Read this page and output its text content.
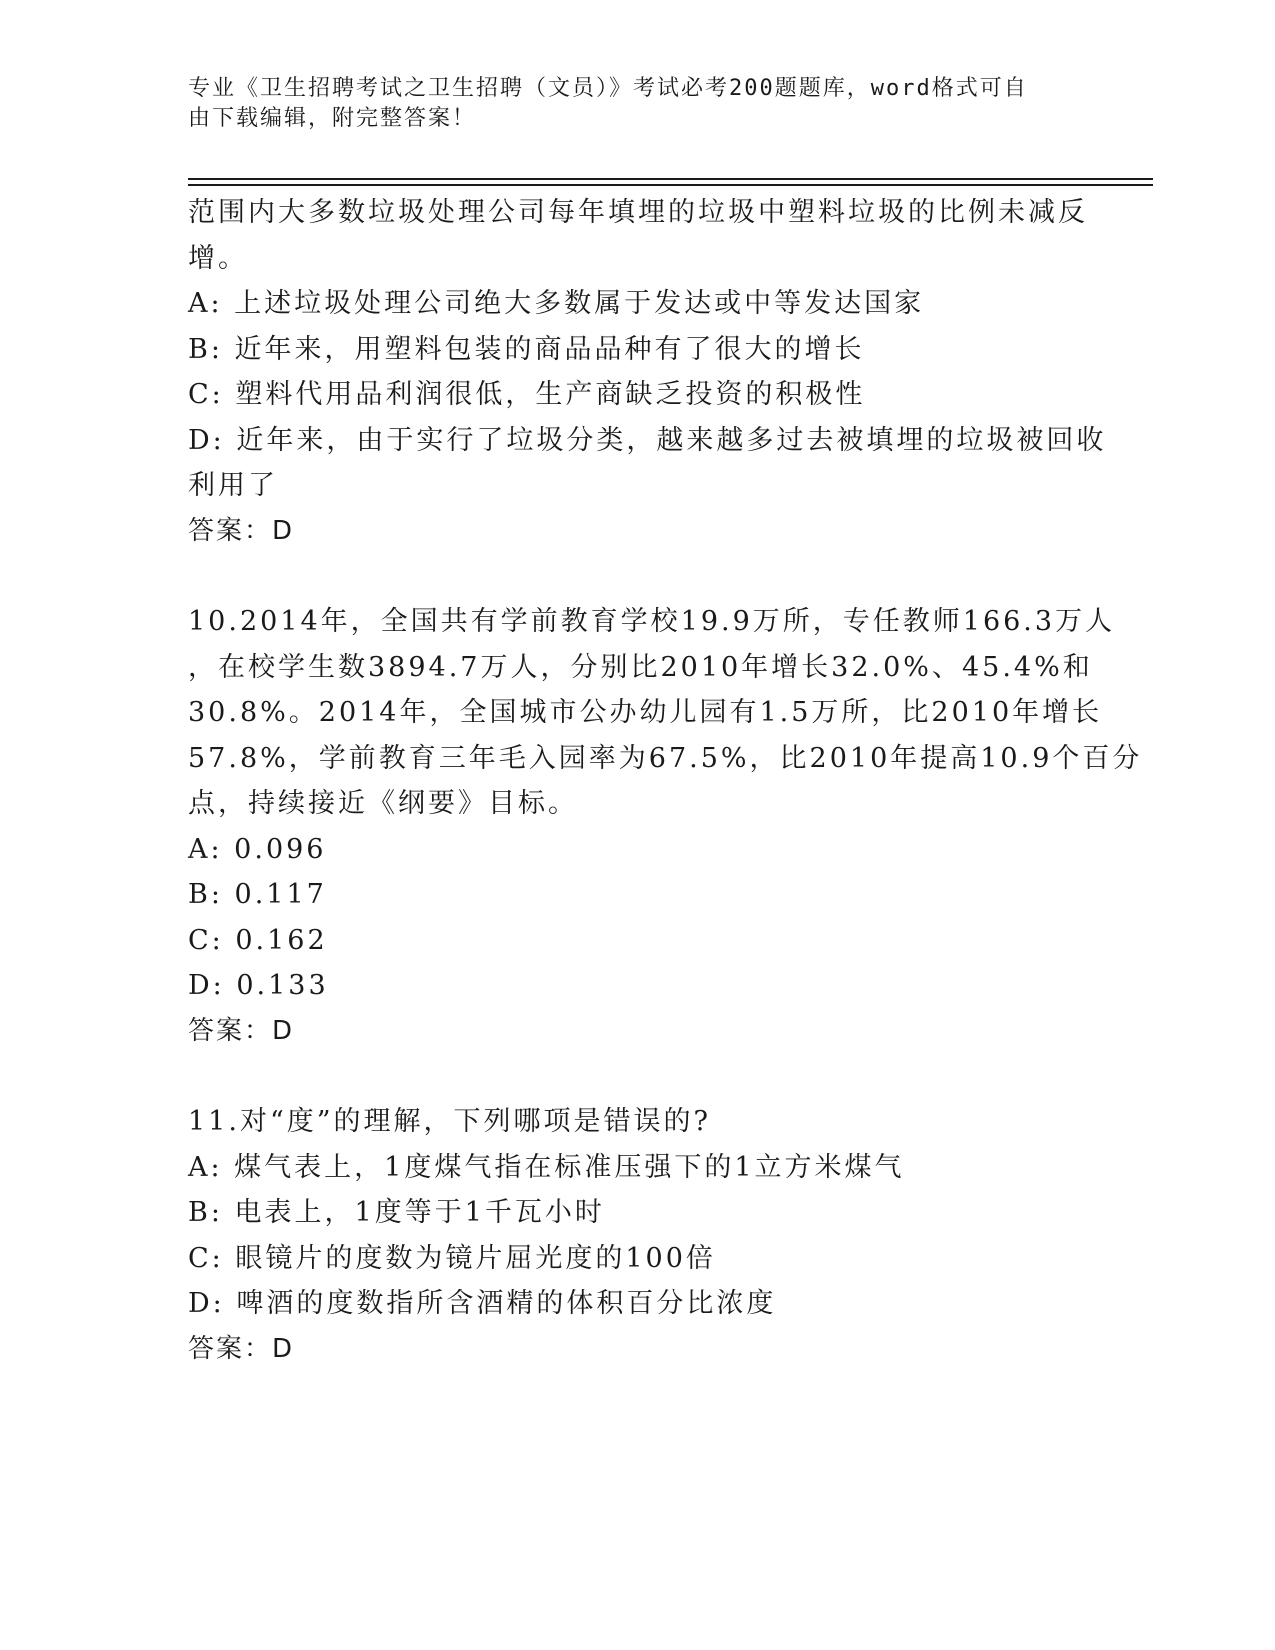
专业《卫生招聘考试之卫生招聘（文员）》考试必考200题题库，word格式可自
由下载编辑，附完整答案！
范围内大多数垃圾处理公司每年填埋的垃圾中塑料垃圾的比例未减反
增。
A: 上述垃圾处理公司绝大多数属于发达或中等发达国家
B: 近年来，用塑料包装的商品品种有了很大的增长
C: 塑料代用品利润很低，生产商缺乏投资的积极性
D: 近年来，由于实行了垃圾分类，越来越多过去被填埋的垃圾被回收
利用了
答案：D
10.2014年，全国共有学前教育学校19.9万所，专任教师166.3万人
，在校学生数3894.7万人，分别比2010年增长32.0%、45.4%和
30.8%。2014年，全国城市公办幼儿园有1.5万所，比2010年增长
57.8%，学前教育三年毛入园率为67.5%，比2010年提高10.9个百分
点，持续接近《纲要》目标。
A: 0.096
B: 0.117
C: 0.162
D: 0.133
答案：D
11.对“度”的理解，下列哪项是错误的?
A: 煤气表上，1度煤气指在标准压强下的1立方米煤气
B: 电表上，1度等于1千瓦小时
C: 眼镜片的度数为镜片屈光度的100倍
D: 啤酒的度数指所含酒精的体积百分比浓度
答案：D
